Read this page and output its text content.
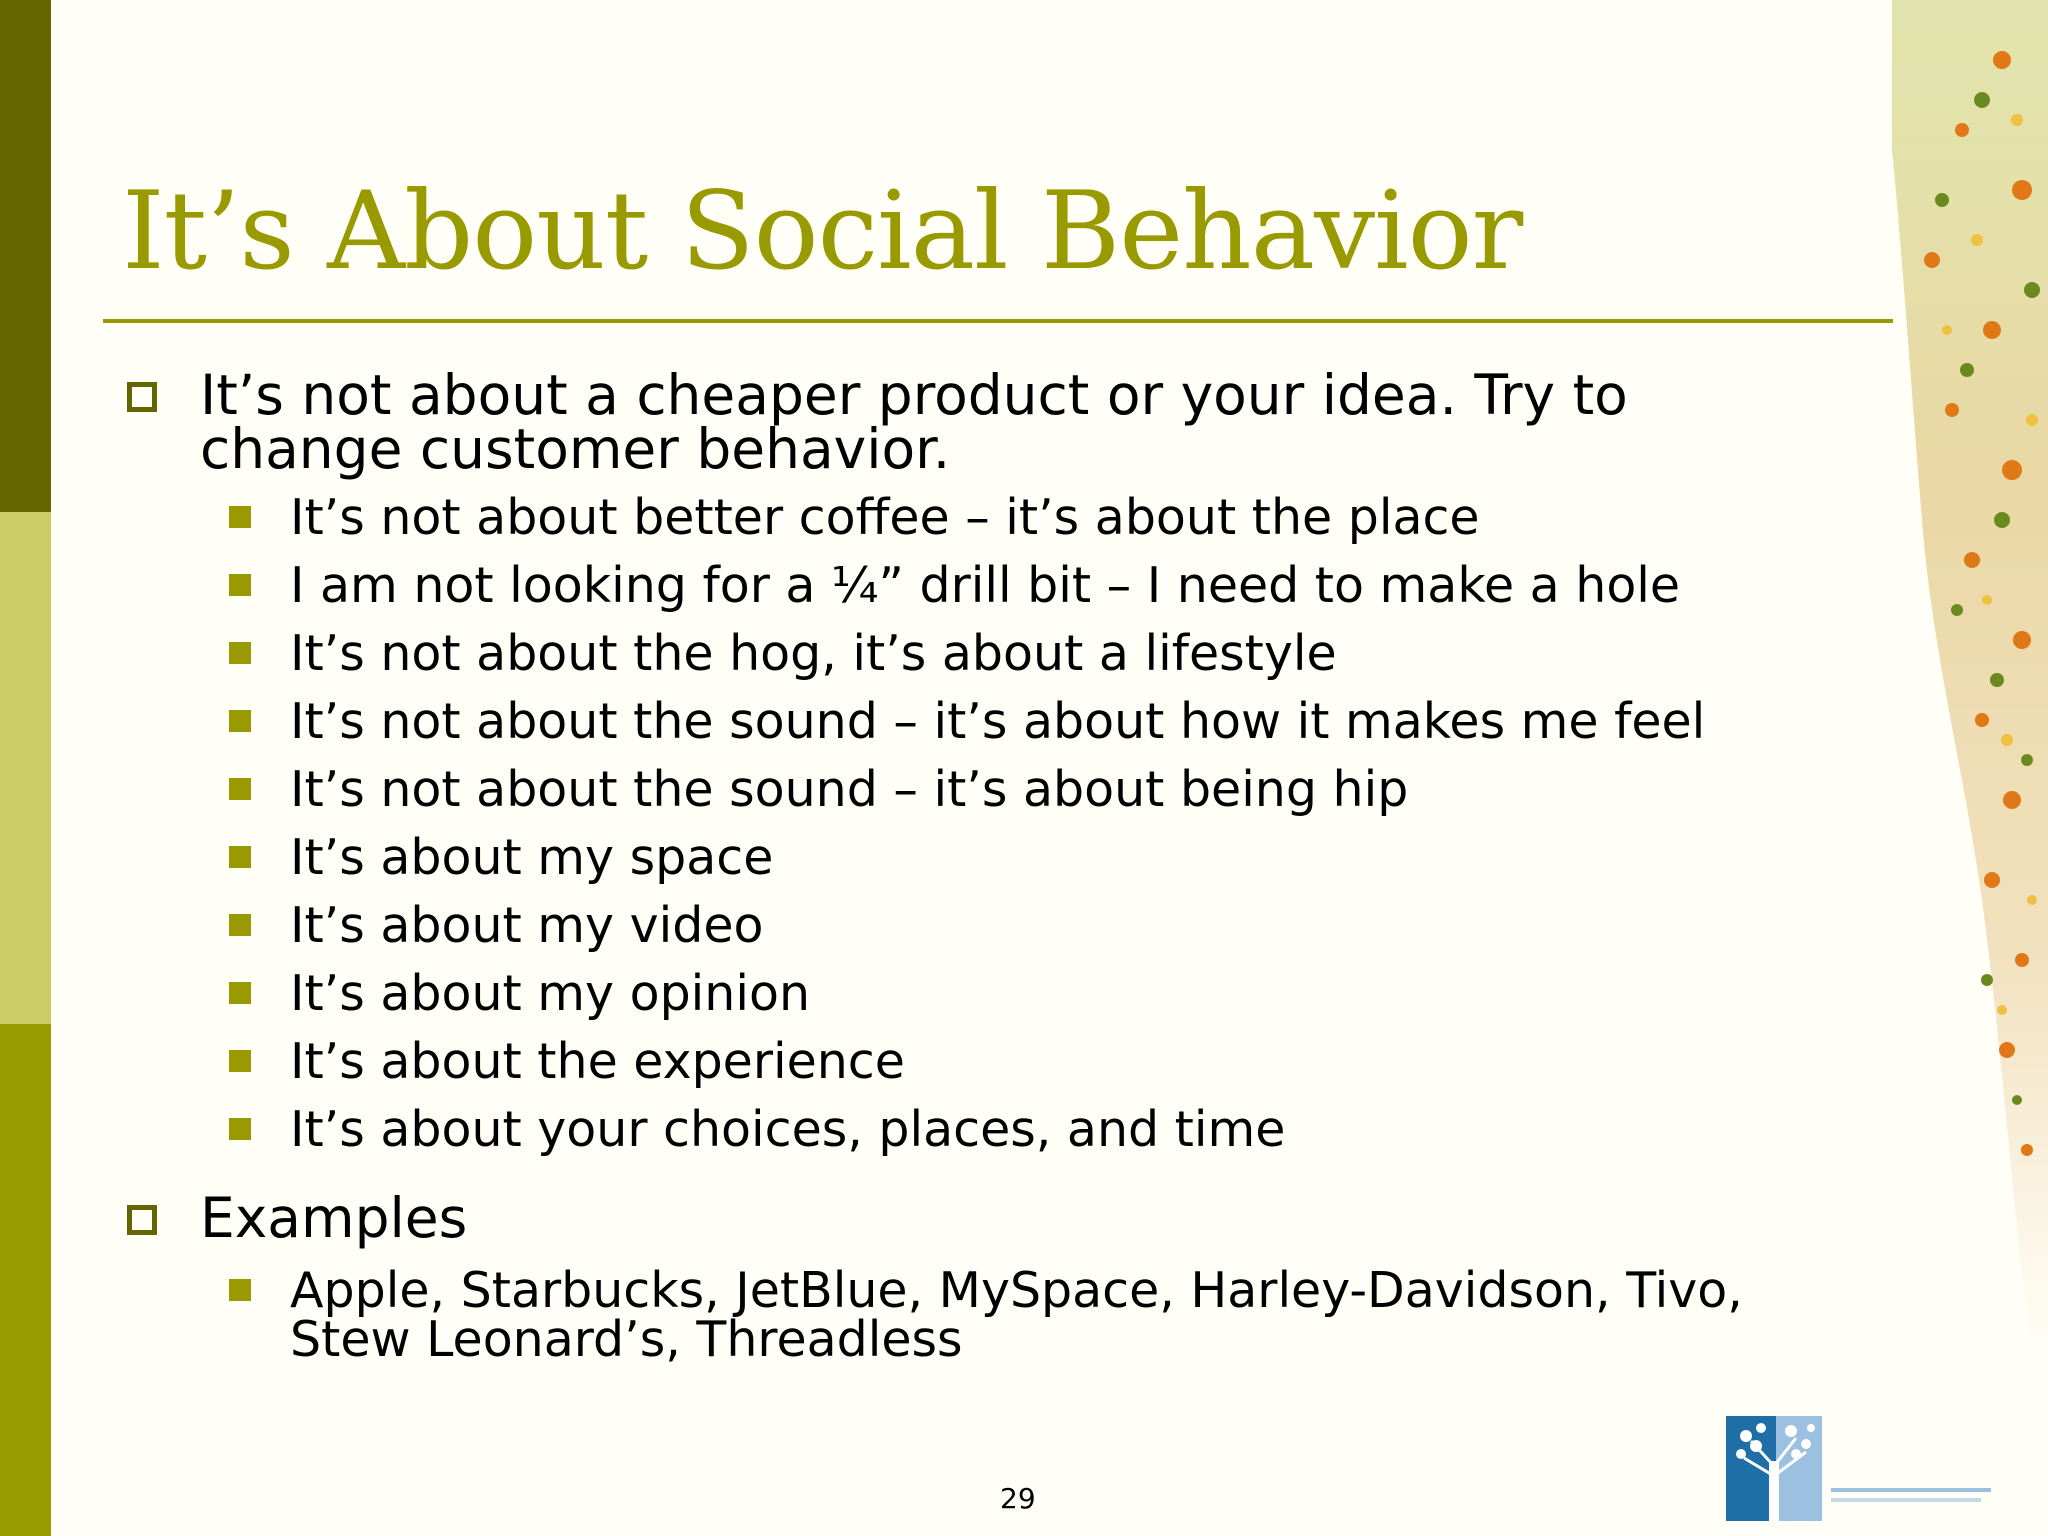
It’s About Social Behavior
It’s not about a cheaper product or your idea. Try to
change customer behavior.
It’s not about better coffee – it’s about the place
I am not looking for a ¼” drill bit – I need to make a hole
It’s not about the hog, it’s about a lifestyle
It’s not about the sound – it’s about how it makes me feel
It’s not about the sound – it’s about being hip
It’s about my space
It’s about my video
It’s about my opinion
It’s about the experience
It’s about your choices, places, and time
Examples
Apple, Starbucks, JetBlue, MySpace, Harley-Davidson, Tivo,
Stew Leonard’s, Threadless
29
